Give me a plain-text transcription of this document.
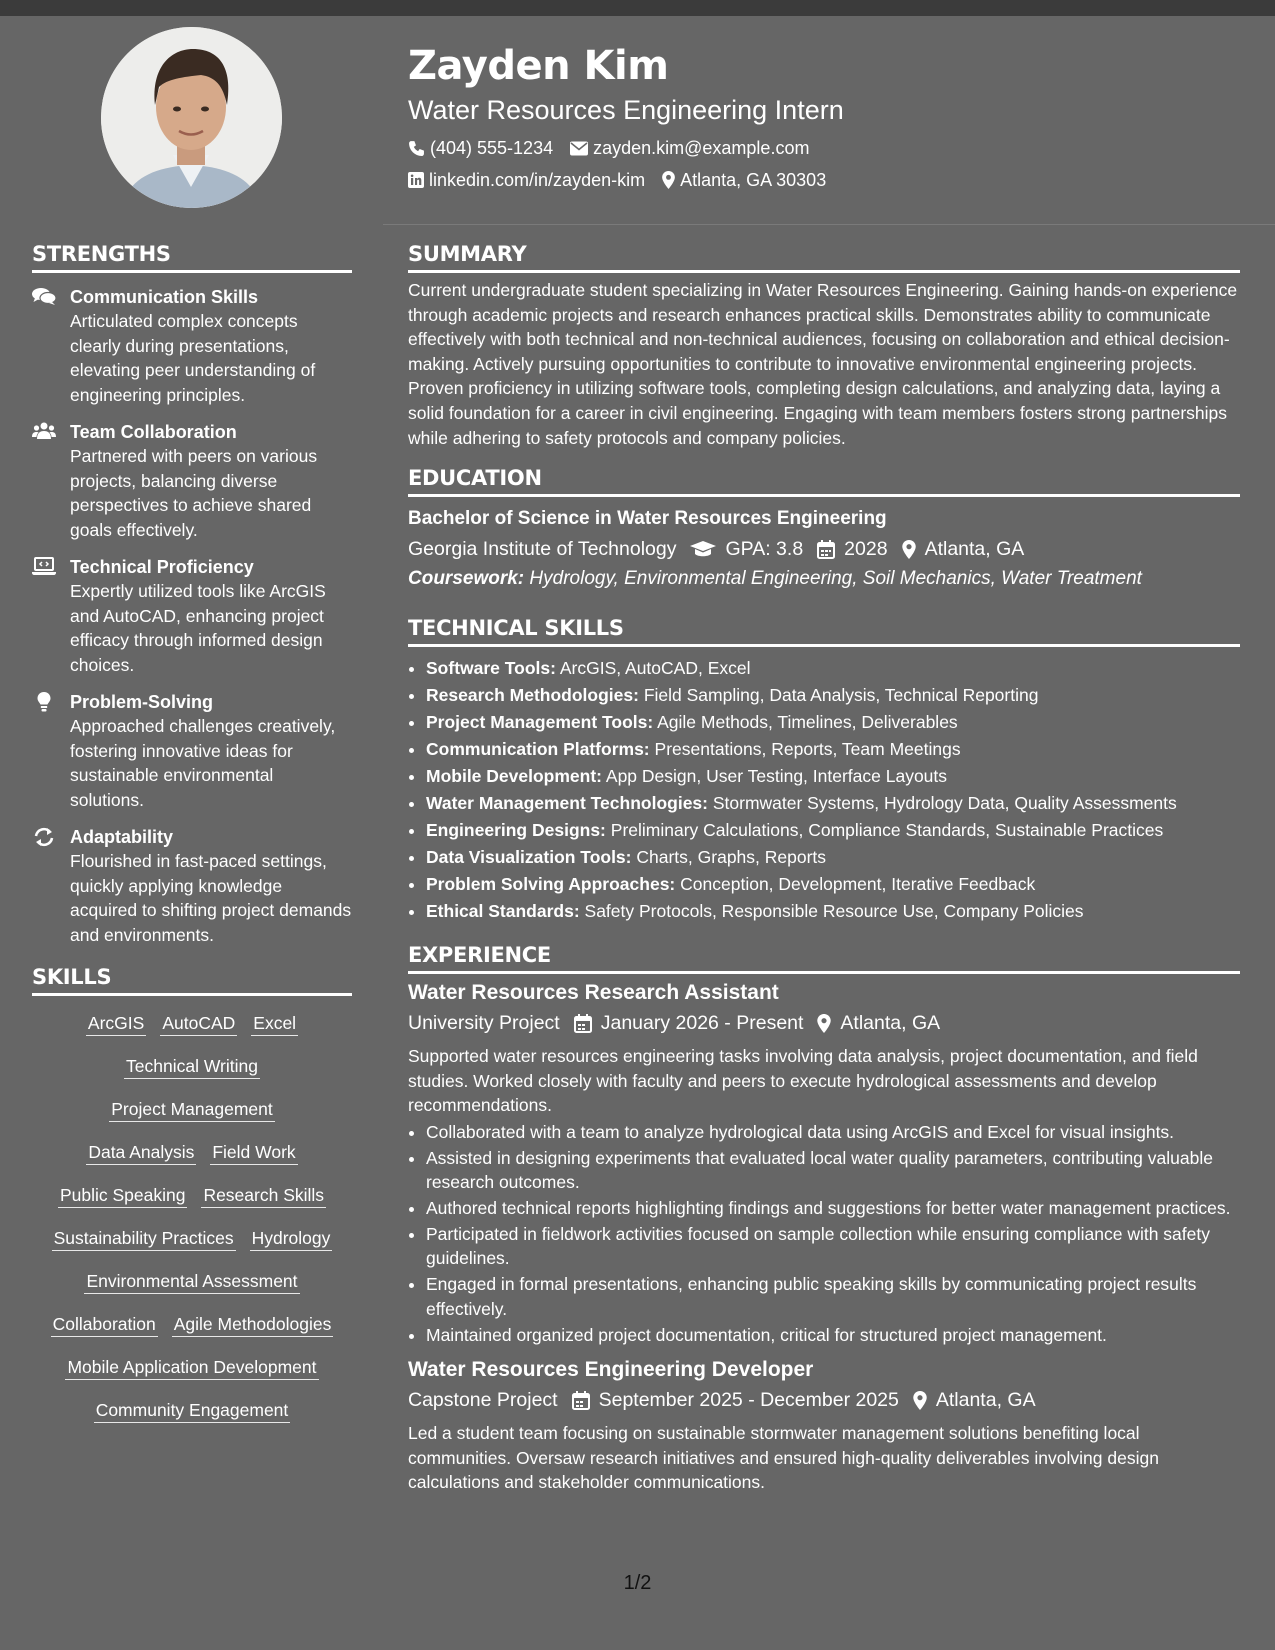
Zayden Kim
Water Resources Engineering Intern
(404) 555-1234 zayden.kim@example.com
linkedin.com/in/zayden-kim Atlanta, GA 30303
STRENGTHS
Communication Skills
Articulated complex concepts clearly during presentations, elevating peer understanding of engineering principles.
Team Collaboration
Partnered with peers on various projects, balancing diverse perspectives to achieve shared goals effectively.
Technical Proficiency
Expertly utilized tools like ArcGIS and AutoCAD, enhancing project efficacy through informed design choices.
Problem-Solving
Approached challenges creatively, fostering innovative ideas for sustainable environmental solutions.
Adaptability
Flourished in fast-paced settings, quickly applying knowledge acquired to shifting project demands and environments.
SKILLS
ArcGIS AutoCAD Excel
Technical Writing
Project Management
Data Analysis Field Work
Public Speaking Research Skills
Sustainability Practices Hydrology
Environmental Assessment
Collaboration Agile Methodologies
Mobile Application Development
Community Engagement
SUMMARY
Current undergraduate student specializing in Water Resources Engineering. Gaining hands-on experience through academic projects and research enhances practical skills. Demonstrates ability to communicate effectively with both technical and non-technical audiences, focusing on collaboration and ethical decision-making. Actively pursuing opportunities to contribute to innovative environmental engineering projects. Proven proficiency in utilizing software tools, completing design calculations, and analyzing data, laying a solid foundation for a career in civil engineering. Engaging with team members fosters strong partnerships while adhering to safety protocols and company policies.
EDUCATION
Bachelor of Science in Water Resources Engineering
Georgia Institute of Technology	GPA: 3.8 2028 Atlanta, GA
Coursework: Hydrology, Environmental Engineering, Soil Mechanics, Water Treatment
TECHNICAL SKILLS
• Software Tools: ArcGIS, AutoCAD, Excel
• Research Methodologies: Field Sampling, Data Analysis, Technical Reporting
• Project Management Tools: Agile Methods, Timelines, Deliverables
• Communication Platforms: Presentations, Reports, Team Meetings
• Mobile Development: App Design, User Testing, Interface Layouts
• Water Management Technologies: Stormwater Systems, Hydrology Data, Quality Assessments
• Engineering Designs: Preliminary Calculations, Compliance Standards, Sustainable Practices
• Data Visualization Tools: Charts, Graphs, Reports
• Problem Solving Approaches: Conception, Development, Iterative Feedback
• Ethical Standards: Safety Protocols, Responsible Resource Use, Company Policies
EXPERIENCE
Water Resources Research Assistant
University Project January 2026 - Present Atlanta, GA
Supported water resources engineering tasks involving data analysis, project documentation, and field studies. Worked closely with faculty and peers to execute hydrological assessments and develop recommendations.
• Collaborated with a team to analyze hydrological data using ArcGIS and Excel for visual insights.
• Assisted in designing experiments that evaluated local water quality parameters, contributing valuable research outcomes.
• Authored technical reports highlighting findings and suggestions for better water management practices.
• Participated in fieldwork activities focused on sample collection while ensuring compliance with safety guidelines.
• Engaged in formal presentations, enhancing public speaking skills by communicating project results effectively.
• Maintained organized project documentation, critical for structured project management.
Water Resources Engineering Developer
Capstone Project September 2025 - December 2025 Atlanta, GA
Led a student team focusing on sustainable stormwater management solutions benefiting local communities. Oversaw research initiatives and ensured high-quality deliverables involving design calculations and stakeholder communications.
1/2
